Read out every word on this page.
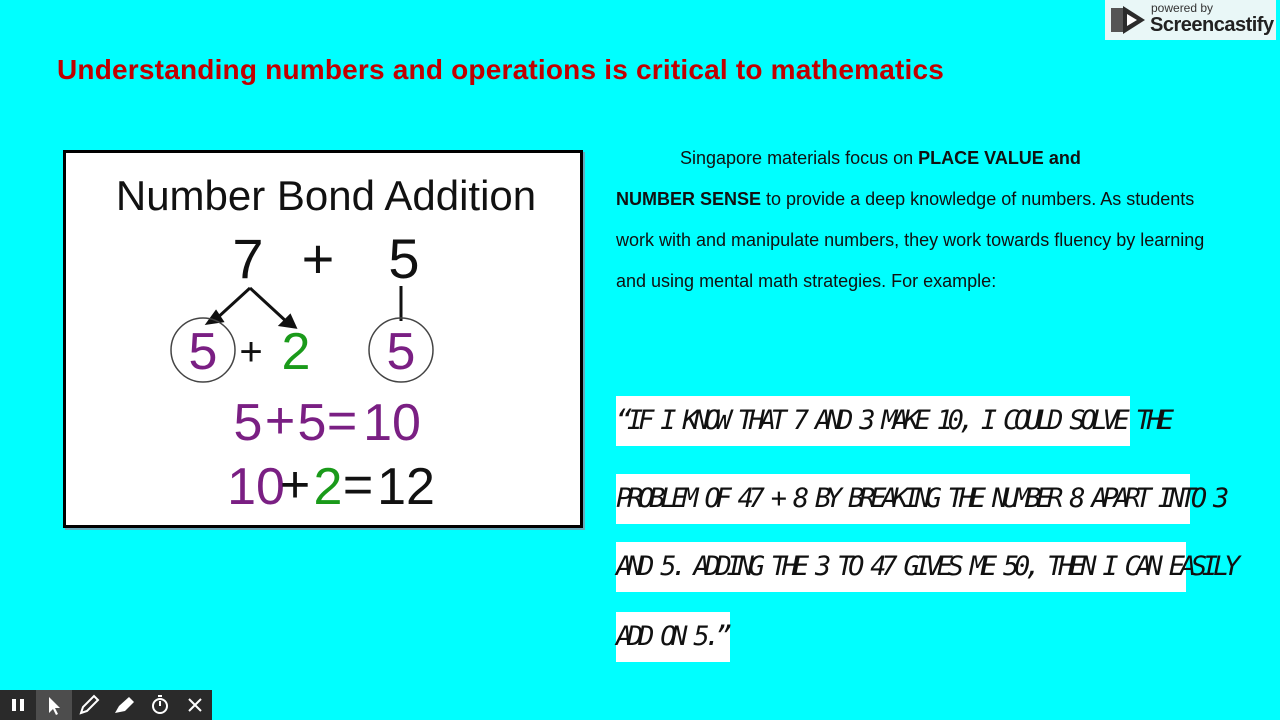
Understanding numbers and operations is critical to mathematics
powered by
Screencastify
Number Bond Addition
7 + 5
5 + 2 5
5 + 5 = 10
10
+ 2 = 12
Singapore materials focus on PLACE VALUE and
NUMBER SENSE to provide a deep knowledge of numbers. As students work with and manipulate numbers, they work towards fluency by learning and using mental math strategies. For example:
“IF I KNOW THAT 7 AND 3 MAKE 10, I COULD SOLVE THE
PROBLEM OF 47 + 8 BY BREAKING THE NUMBER 8 APART INTO 3
AND 5. ADDING THE 3 TO 47 GIVES ME 50, THEN I CAN EASILY
ADD ON 5.”
